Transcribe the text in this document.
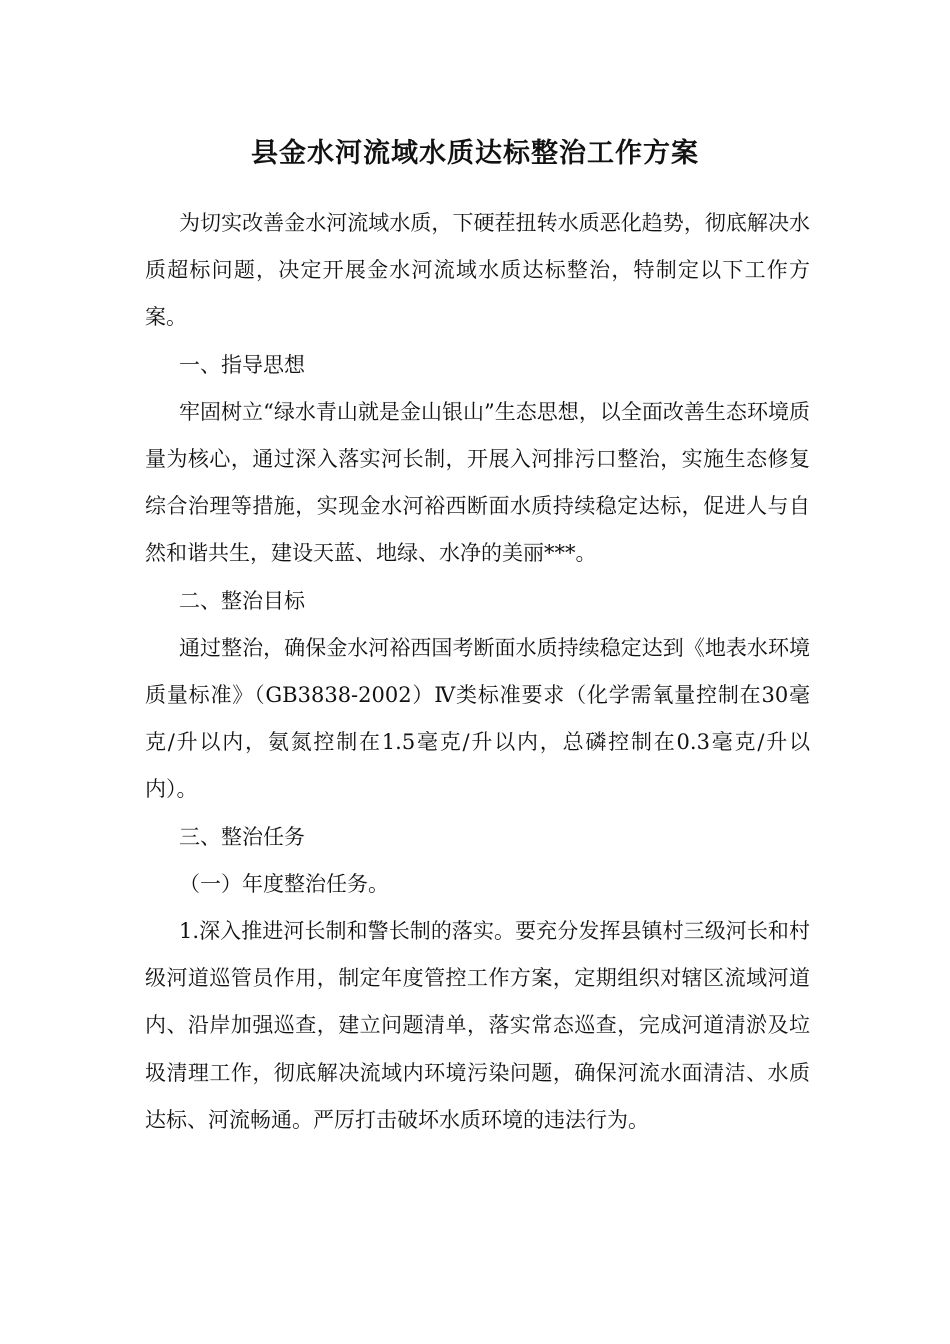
县金水河流域水质达标整治工作方案

为切实改善金水河流域水质，下硬茬扭转水质恶化趋势，彻底解决水质超标问题，决定开展金水河流域水质达标整治，特制定以下工作方案。

一、指导思想

牢固树立“绿水青山就是金山银山”生态思想，以全面改善生态环境质量为核心，通过深入落实河长制，开展入河排污口整治，实施生态修复综合治理等措施，实现金水河裕西断面水质持续稳定达标，促进人与自然和谐共生，建设天蓝、地绿、水净的美丽***。

二、整治目标

通过整治，确保金水河裕西国考断面水质持续稳定达到《地表水环境质量标准》（GB3838-2002）Ⅳ类标准要求（化学需氧量控制在30毫克/升以内，氨氮控制在1.5毫克/升以内，总磷控制在0.3毫克/升以内）。

三、整治任务

（一）年度整治任务。

1.深入推进河长制和警长制的落实。要充分发挥县镇村三级河长和村级河道巡管员作用，制定年度管控工作方案，定期组织对辖区流域河道内、沿岸加强巡查，建立问题清单，落实常态巡查，完成河道清淤及垃圾清理工作，彻底解决流域内环境污染问题，确保河流水面清洁、水质达标、河流畅通。严厉打击破坏水质环境的违法行为。
